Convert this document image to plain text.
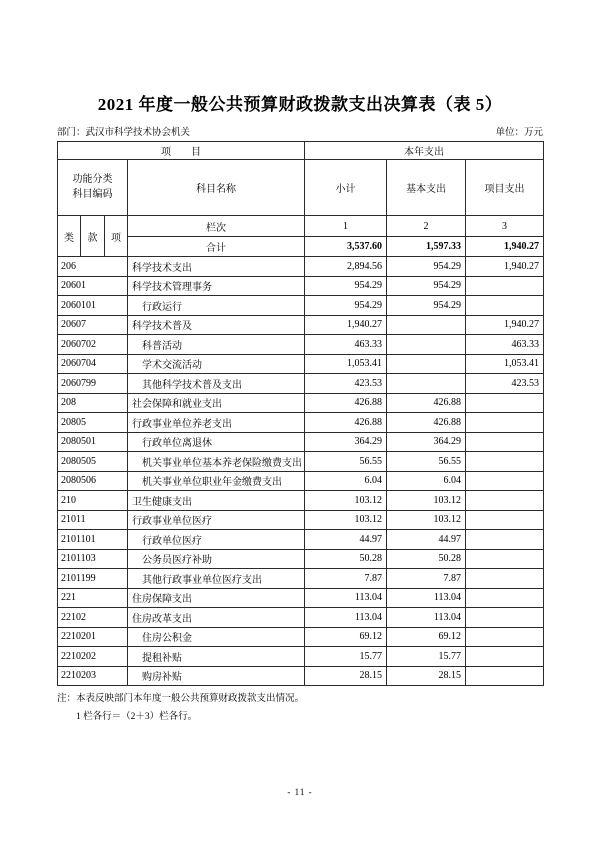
2021 年度一般公共预算财政拨款支出决算表（表 5）
部门：武汉市科学技术协会机关	单位：万元
项　　目				本年支出		

功能分类
科目编码			科目名称	小计	基本支出	项目支出
类	款	项	栏次	1	2	3
			合计	3,537.60	1,597.33	1,940.27
206			科学技术支出	2,894.56	954.29	1,940.27
20601			科学技术管理事务	954.29	954.29	
2060101			行政运行	954.29	954.29	
20607			科学技术普及	1,940.27		1,940.27
2060702			科普活动	463.33		463.33
2060704			学术交流活动	1,053.41		1,053.41
2060799			其他科学技术普及支出	423.53		423.53
208			社会保障和就业支出	426.88	426.88	
20805			行政事业单位养老支出	426.88	426.88	
2080501			行政单位离退休	364.29	364.29	
2080505			机关事业单位基本养老保险缴费支出	56.55	56.55	
2080506			机关事业单位职业年金缴费支出	6.04	6.04	
210			卫生健康支出	103.12	103.12	
21011			行政事业单位医疗	103.12	103.12	
2101101			行政单位医疗	44.97	44.97	
2101103			公务员医疗补助	50.28	50.28	
2101199			其他行政事业单位医疗支出	7.87	7.87	
221			住房保障支出	113.04	113.04	
22102			住房改革支出	113.04	113.04	
2210201			住房公积金	69.12	69.12	
2210202			提租补贴	15.77	15.77	
2210203			购房补贴	28.15	28.15	
注：本表反映部门本年度一般公共预算财政拨款支出情况。
1 栏各行＝（2＋3）栏各行。
- 11 -
